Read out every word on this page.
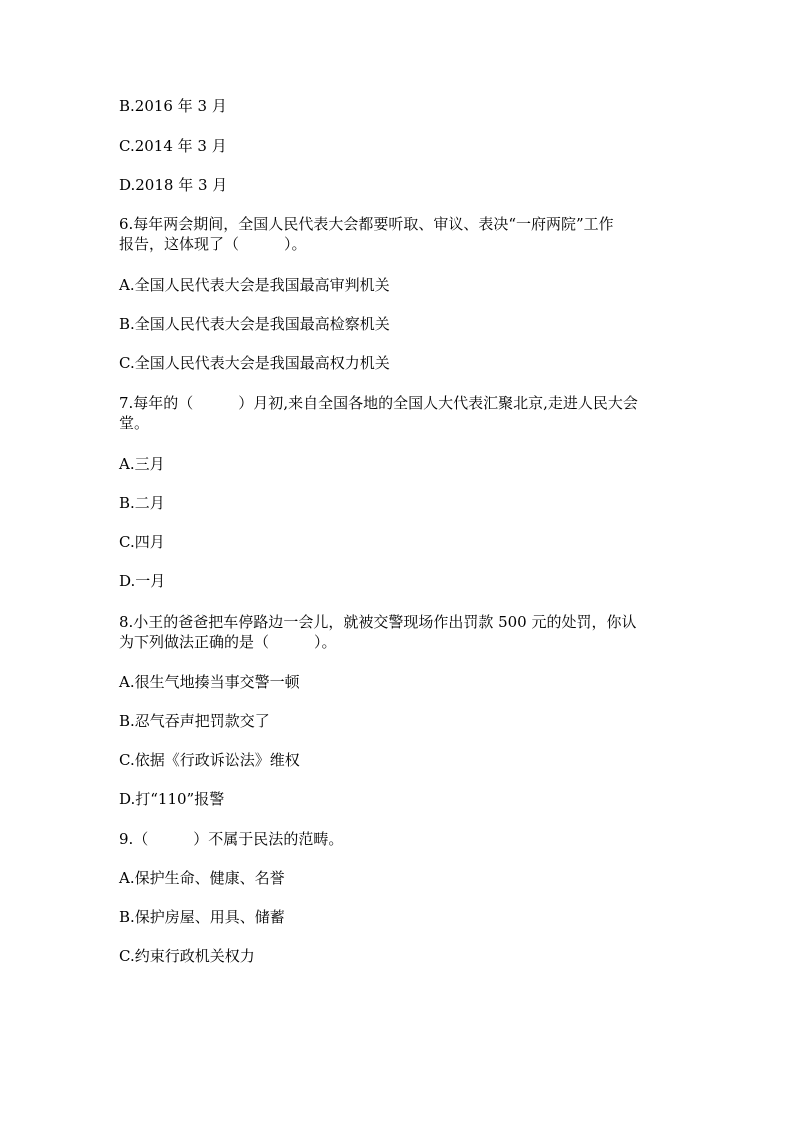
B.2016 年 3 月
C.2014 年 3 月
D.2018 年 3 月
6.每年两会期间，全国人民代表大会都要听取、审议、表决“一府两院”工作
报告，这体现了（　　　）。
A.全国人民代表大会是我国最高审判机关
B.全国人民代表大会是我国最高检察机关
C.全国人民代表大会是我国最高权力机关
7.每年的（　　　）月初,来自全国各地的全国人大代表汇聚北京,走进人民大会
堂。
A.三月
B.二月
C.四月
D.一月
8.小王的爸爸把车停路边一会儿，就被交警现场作出罚款 500 元的处罚，你认
为下列做法正确的是（　　　）。
A.很生气地揍当事交警一顿
B.忍气吞声把罚款交了
C.依据《行政诉讼法》维权
D.打“110”报警
9.（　　　）不属于民法的范畴。
A.保护生命、健康、名誉
B.保护房屋、用具、储蓄
C.约束行政机关权力
